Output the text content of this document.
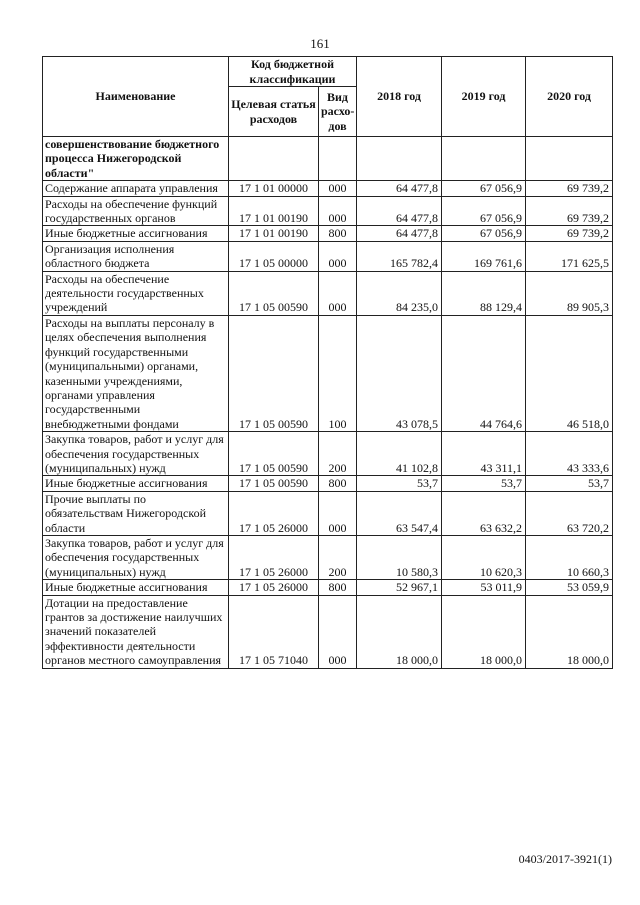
161
Наименование	Код бюджетной классификации		2018 год	2019 год	2020 год
	Целевая статья расходов	Вид расхо-дов			
совершенствование бюджетного процесса Нижегородской области"					
Содержание аппарата управления	17 1 01 00000	000	64 477,8	67 056,9	69 739,2
Расходы на обеспечение функций государственных органов	17 1 01 00190	000	64 477,8	67 056,9	69 739,2
Иные бюджетные ассигнования	17 1 01 00190	800	64 477,8	67 056,9	69 739,2
Организация исполнения областного бюджета	17 1 05 00000	000	165 782,4	169 761,6	171 625,5
Расходы на обеспечение деятельности государственных учреждений	17 1 05 00590	000	84 235,0	88 129,4	89 905,3
Расходы на выплаты персоналу в целях обеспечения выполнения функций государственными (муниципальными) органами, казенными учреждениями, органами управления государственными внебюджетными фондами	17 1 05 00590	100	43 078,5	44 764,6	46 518,0
Закупка товаров, работ и услуг для обеспечения государственных (муниципальных) нужд	17 1 05 00590	200	41 102,8	43 311,1	43 333,6
Иные бюджетные ассигнования	17 1 05 00590	800	53,7	53,7	53,7
Прочие выплаты по обязательствам Нижегородской области	17 1 05 26000	000	63 547,4	63 632,2	63 720,2
Закупка товаров, работ и услуг для обеспечения государственных (муниципальных) нужд	17 1 05 26000	200	10 580,3	10 620,3	10 660,3
Иные бюджетные ассигнования	17 1 05 26000	800	52 967,1	53 011,9	53 059,9
Дотации на предоставление грантов за достижение наилучших значений показателей эффективности деятельности органов местного самоуправления	17 1 05 71040	000	18 000,0	18 000,0	18 000,0
0403/2017-3921(1)
